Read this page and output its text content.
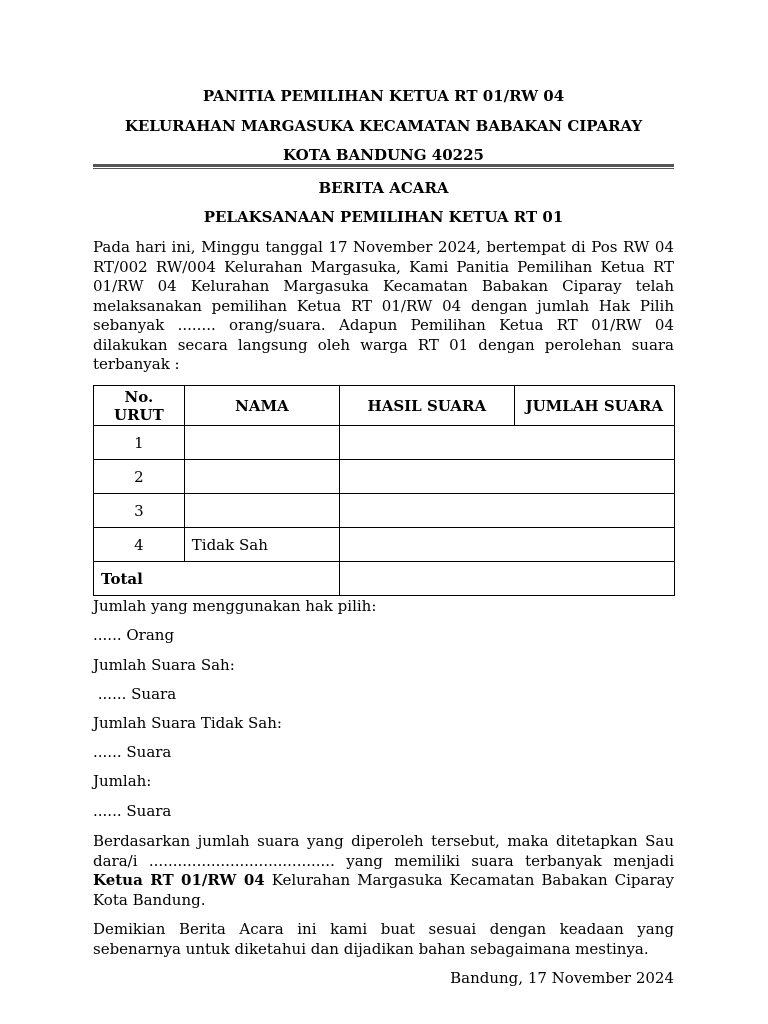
PANITIA PEMILIHAN KETUA RT 01/RW 04
KELURAHAN MARGASUKA KECAMATAN BABAKAN CIPARAY
KOTA BANDUNG 40225
BERITA ACARA
PELAKSANAAN PEMILIHAN KETUA RT 01
Pada hari ini, Minggu tanggal 17 November 2024, bertempat di Pos RW 04 RT/002 RW/004 Kelurahan Margasuka, Kami Panitia Pemilihan Ketua RT 01/RW 04 Kelurahan Margasuka Kecamatan Babakan Ciparay telah melaksanakan pemilihan Ketua RT 01/RW 04 dengan jumlah Hak Pilih sebanyak ........ orang/suara. Adapun Pemilihan Ketua RT 01/RW 04 dilakukan secara langsung oleh warga RT 01 dengan perolehan suara terbanyak :
No.
URUT	NAMA	HASIL SUARA	JUMLAH SUARA
1			
2			
3			
4	Tidak Sah		
Total			
Jumlah yang menggunakan hak pilih:
...... Orang
Jumlah Suara Sah:
...... Suara
Jumlah Suara Tidak Sah:
...... Suara
Jumlah:
...... Suara
Berdasarkan jumlah suara yang diperoleh tersebut, maka ditetapkan Sau dara/i ....................................... yang memiliki suara terbanyak menjadi Ketua RT 01/RW 04 Kelurahan Margasuka Kecamatan Babakan Ciparay Kota Bandung.
Demikian Berita Acara ini kami buat sesuai dengan keadaan yang sebenarnya untuk diketahui dan dijadikan bahan sebagaimana mestinya.
Bandung, 17 November 2024
